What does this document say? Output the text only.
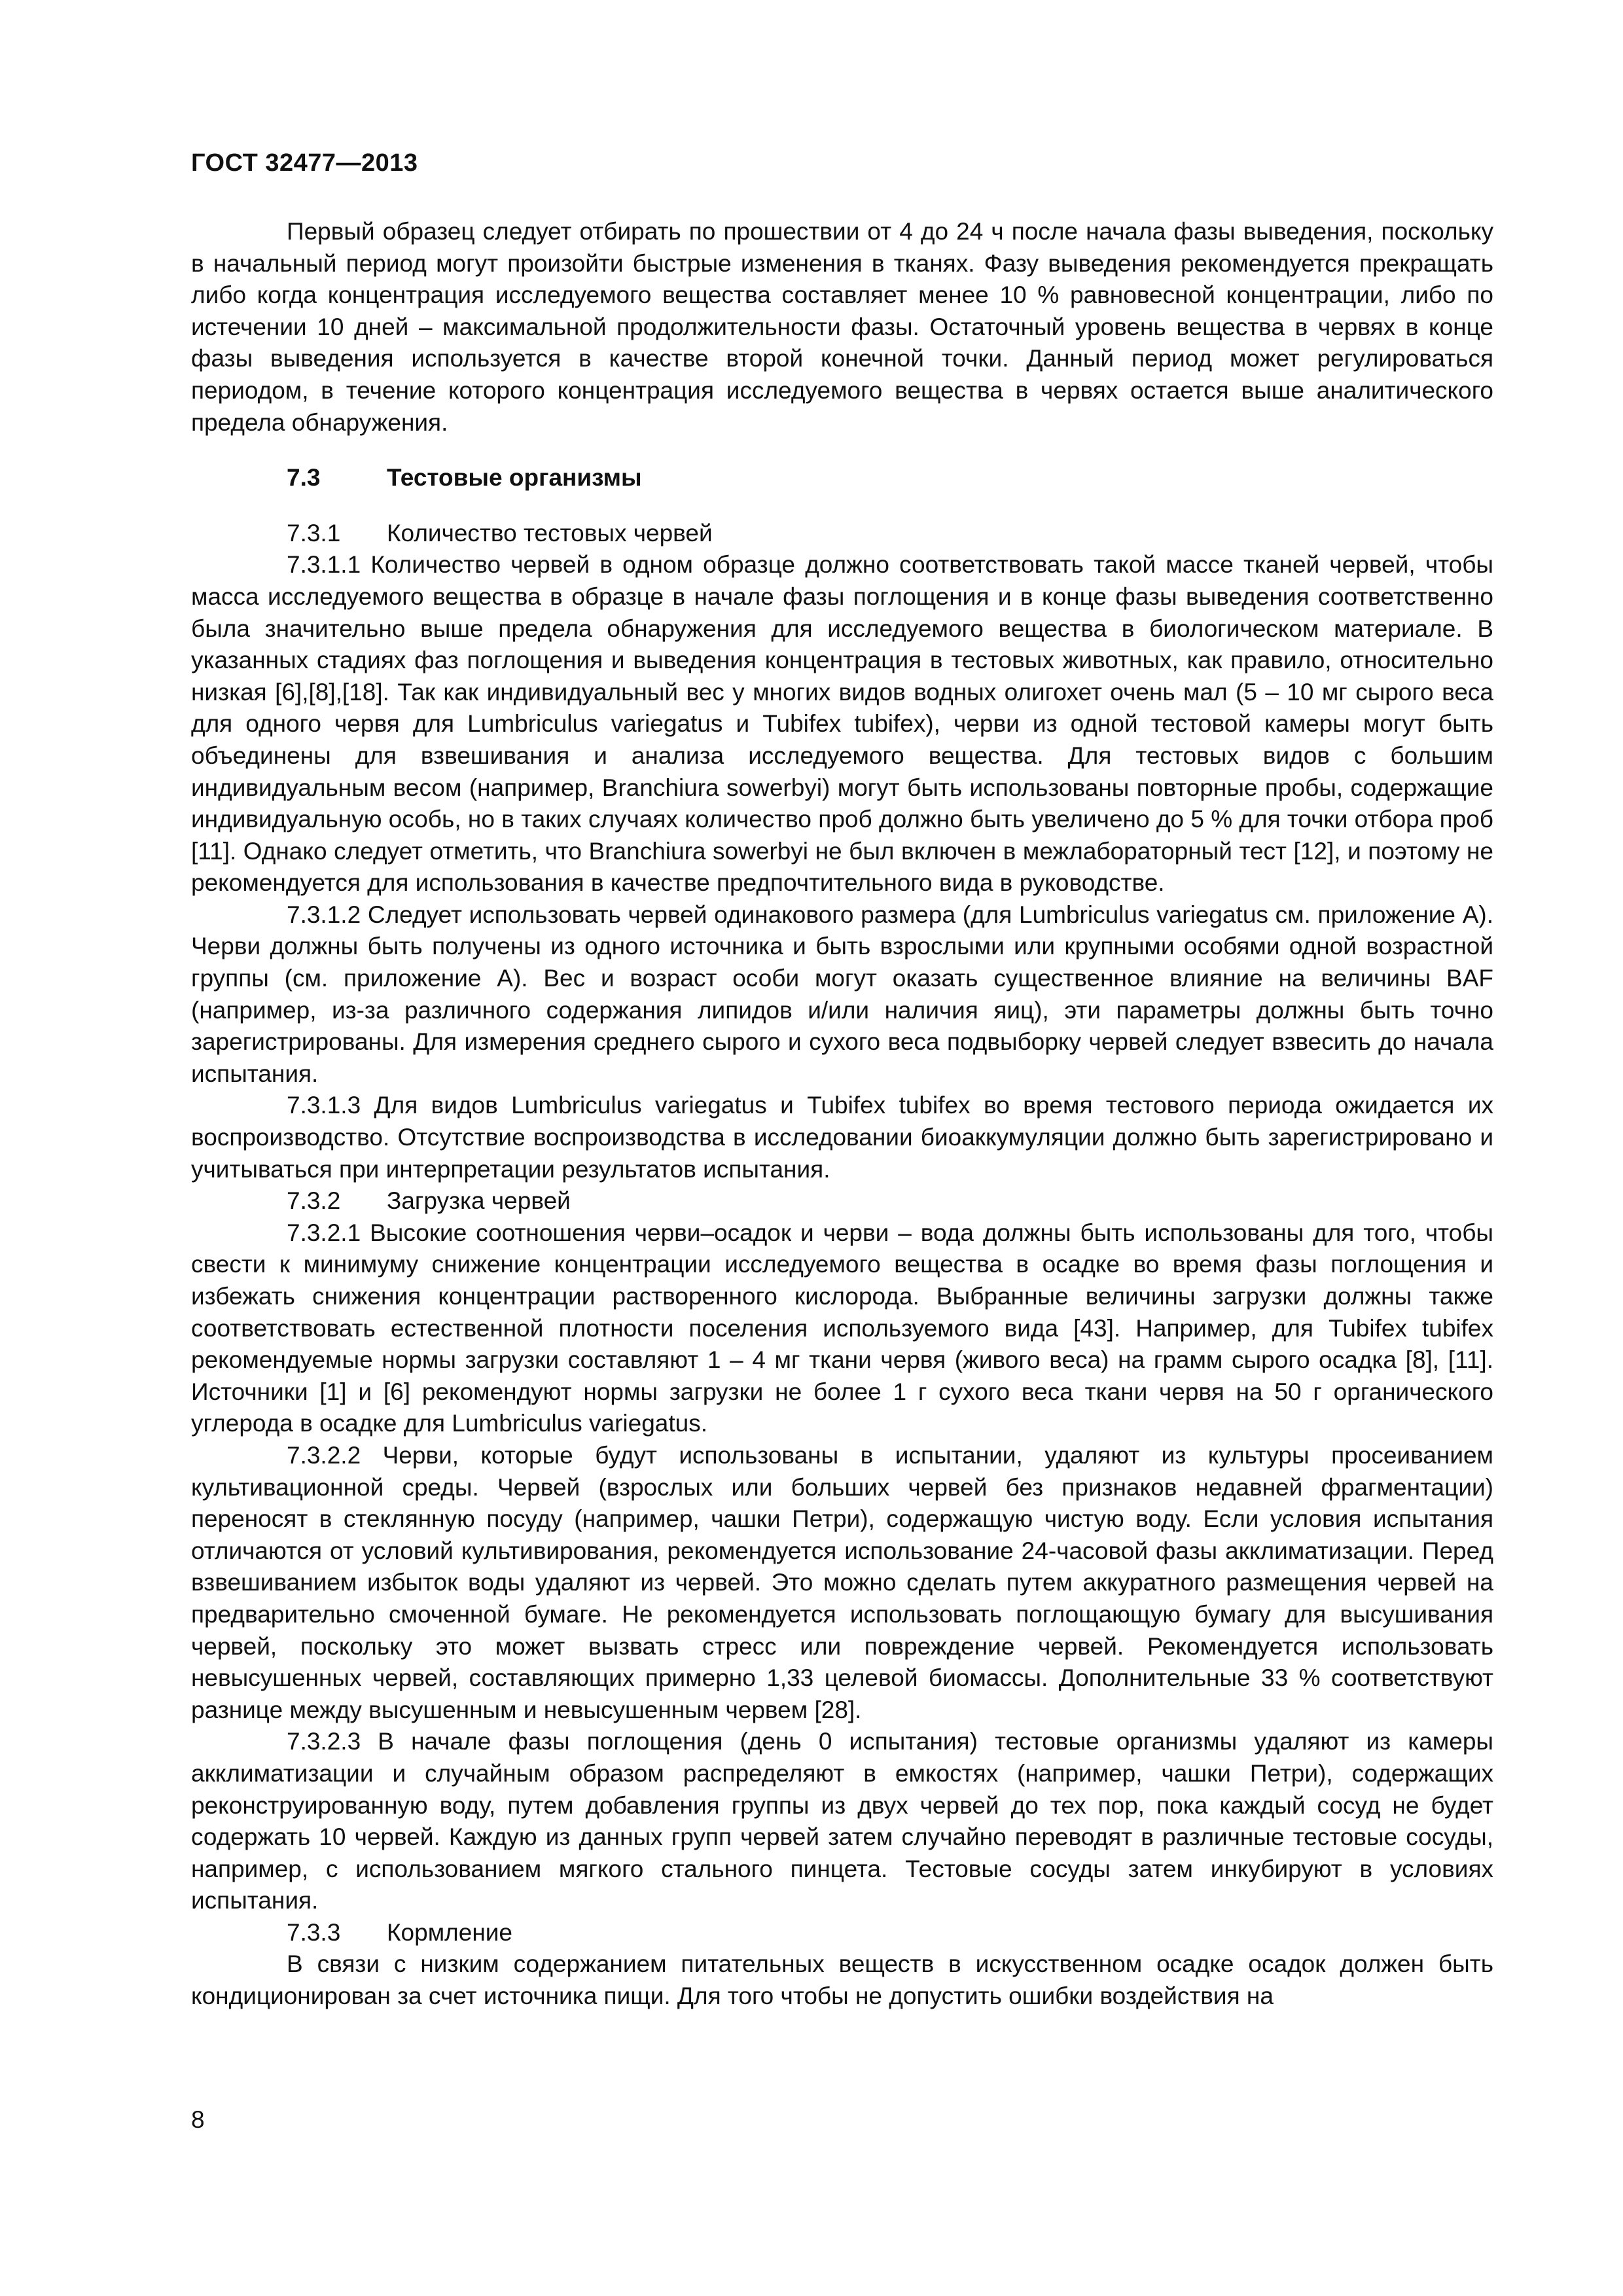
ГОСТ 32477—2013

Первый образец следует отбирать по прошествии от 4 до 24 ч после начала фазы выведения, поскольку в начальный период могут произойти быстрые изменения в тканях. Фазу выведения рекомендуется прекращать либо когда концентрация исследуемого вещества составляет менее 10 % равновесной концентрации, либо по истечении 10 дней – максимальной продолжительности фазы. Остаточный уровень вещества в червях в конце фазы выведения используется в качестве второй конечной точки. Данный период может регулироваться периодом, в течение которого концентрация исследуемого вещества в червях остается выше аналитического предела обнаружения.

7.3	Тестовые организмы
7.3.1	Количество тестовых червей

7.3.1.1 Количество червей в одном образце должно соответствовать такой массе тканей червей, чтобы масса исследуемого вещества в образце в начале фазы поглощения и в конце фазы выведения соответственно была значительно выше предела обнаружения для исследуемого вещества в биологическом материале. В указанных стадиях фаз поглощения и выведения концентрация в тестовых животных, как правило, относительно низкая [6],[8],[18]. Так как индивидуальный вес у многих видов водных олигохет очень мал (5 – 10 мг сырого веса для одного червя для Lumbriculus variegatus и Tubifex tubifex), черви из одной тестовой камеры могут быть объединены для взвешивания и анализа исследуемого вещества. Для тестовых видов с большим индивидуальным весом (например, Branchiura sowerbyi) могут быть использованы повторные пробы, содержащие индивидуальную особь, но в таких случаях количество проб должно быть увеличено до 5 % для точки отбора проб [11]. Однако следует отметить, что Branchiura sowerbyi не был включен в межлабораторный тест [12], и поэтому не рекомендуется для использования в качестве предпочтительного вида в руководстве.

7.3.1.2 Следует использовать червей одинакового размера (для Lumbriculus variegatus см. приложение А). Черви должны быть получены из одного источника и быть взрослыми или крупными особями одной возрастной группы (см. приложение А). Вес и возраст особи могут оказать существенное влияние на величины BAF (например, из-за различного содержания липидов и/или наличия яиц), эти параметры должны быть точно зарегистрированы. Для измерения среднего сырого и сухого веса подвыборку червей следует взвесить до начала испытания.

7.3.1.3 Для видов Lumbriculus variegatus и Tubifex tubifex во время тестового периода ожидается их воспроизводство. Отсутствие воспроизводства в исследовании биоаккумуляции должно быть зарегистрировано и учитываться при интерпретации результатов испытания.

7.3.2	Загрузка червей

7.3.2.1 Высокие соотношения черви–осадок и черви – вода должны быть использованы для того, чтобы свести к минимуму снижение концентрации исследуемого вещества в осадке во время фазы поглощения и избежать снижения концентрации растворенного кислорода. Выбранные величины загрузки должны также соответствовать естественной плотности поселения используемого вида [43]. Например, для Tubifex tubifex рекомендуемые нормы загрузки составляют 1 – 4 мг ткани червя (живого веса) на грамм сырого осадка [8], [11]. Источники [1] и [6] рекомендуют нормы загрузки не более 1 г сухого веса ткани червя на 50 г органического углерода в осадке для Lumbriculus variegatus.

7.3.2.2 Черви, которые будут использованы в испытании, удаляют из культуры просеиванием культивационной среды. Червей (взрослых или больших червей без признаков недавней фрагментации) переносят в стеклянную посуду (например, чашки Петри), содержащую чистую воду. Если условия испытания отличаются от условий культивирования, рекомендуется использование 24-часовой фазы акклиматизации. Перед взвешиванием избыток воды удаляют из червей. Это можно сделать путем аккуратного размещения червей на предварительно смоченной бумаге. Не рекомендуется использовать поглощающую бумагу для высушивания червей, поскольку это может вызвать стресс или повреждение червей. Рекомендуется использовать невысушенных червей, составляющих примерно 1,33 целевой биомассы. Дополнительные 33 % соответствуют разнице между высушенным и невысушенным червем [28].

7.3.2.3 В начале фазы поглощения (день 0 испытания) тестовые организмы удаляют из камеры акклиматизации и случайным образом распределяют в емкостях (например, чашки Петри), содержащих реконструированную воду, путем добавления группы из двух червей до тех пор, пока каждый сосуд не будет содержать 10 червей. Каждую из данных групп червей затем случайно переводят в различные тестовые сосуды, например, с использованием мягкого стального пинцета. Тестовые сосуды затем инкубируют в условиях испытания.

7.3.3	Кормление

В связи с низким содержанием питательных веществ в искусственном осадке осадок должен быть кондиционирован за счет источника пищи. Для того чтобы не допустить ошибки воздействия на

8
